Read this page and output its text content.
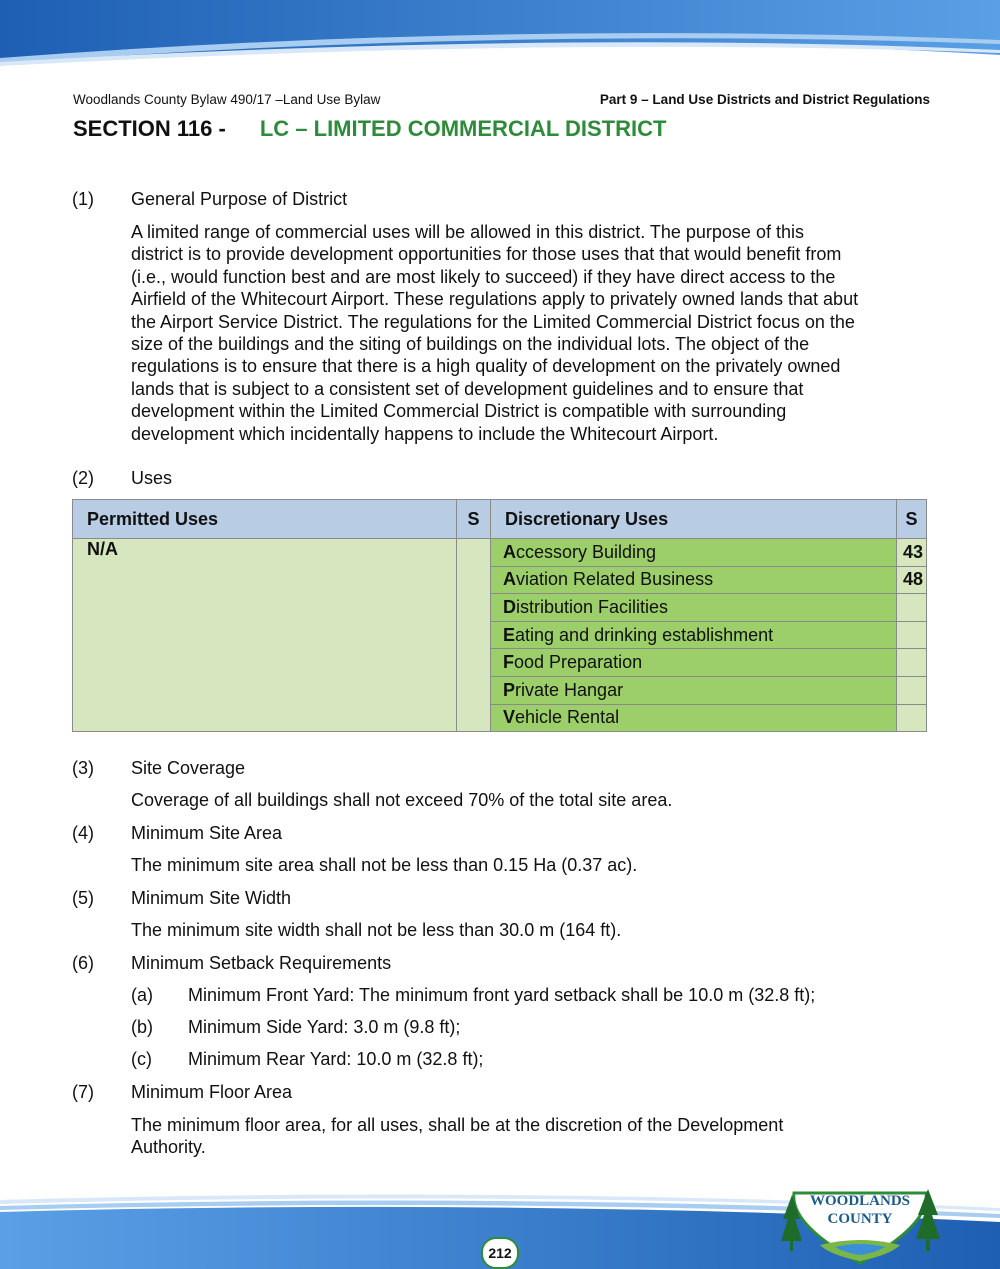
Woodlands County Bylaw 490/17 –Land Use Bylaw	Part 9 – Land Use Districts and District Regulations
SECTION 116 - LC – LIMITED COMMERCIAL DISTRICT
(1)	General Purpose of District
A limited range of commercial uses will be allowed in this district. The purpose of this
district is to provide development opportunities for those uses that that would benefit from
(i.e., would function best and are most likely to succeed) if they have direct access to the
Airfield of the Whitecourt Airport. These regulations apply to privately owned lands that abut
the Airport Service District. The regulations for the Limited Commercial District focus on the
size of the buildings and the siting of buildings on the individual lots. The object of the
regulations is to ensure that there is a high quality of development on the privately owned
lands that is subject to a consistent set of development guidelines and to ensure that
development within the Limited Commercial District is compatible with surrounding
development which incidentally happens to include the Whitecourt Airport.
(2)	Uses
Permitted Uses	S	Discretionary Uses	S
N/A		Accessory Building	43
		Aviation Related Business	48
		Distribution Facilities	
		Eating and drinking establishment	
		Food Preparation	
		Private Hangar	
		Vehicle Rental	
(3)	Site Coverage
Coverage of all buildings shall not exceed 70% of the total site area.
(4)	Minimum Site Area
The minimum site area shall not be less than 0.15 Ha (0.37 ac).
(5)	Minimum Site Width
The minimum site width shall not be less than 30.0 m (164 ft).
(6)	Minimum Setback Requirements
(a) Minimum Front Yard: The minimum front yard setback shall be 10.0 m (32.8 ft);
(b) Minimum Side Yard: 3.0 m (9.8 ft);
(c) Minimum Rear Yard: 10.0 m (32.8 ft);
(7)	Minimum Floor Area
The minimum floor area, for all uses, shall be at the discretion of the Development
Authority.
WOODLANDS
COUNTY
212
